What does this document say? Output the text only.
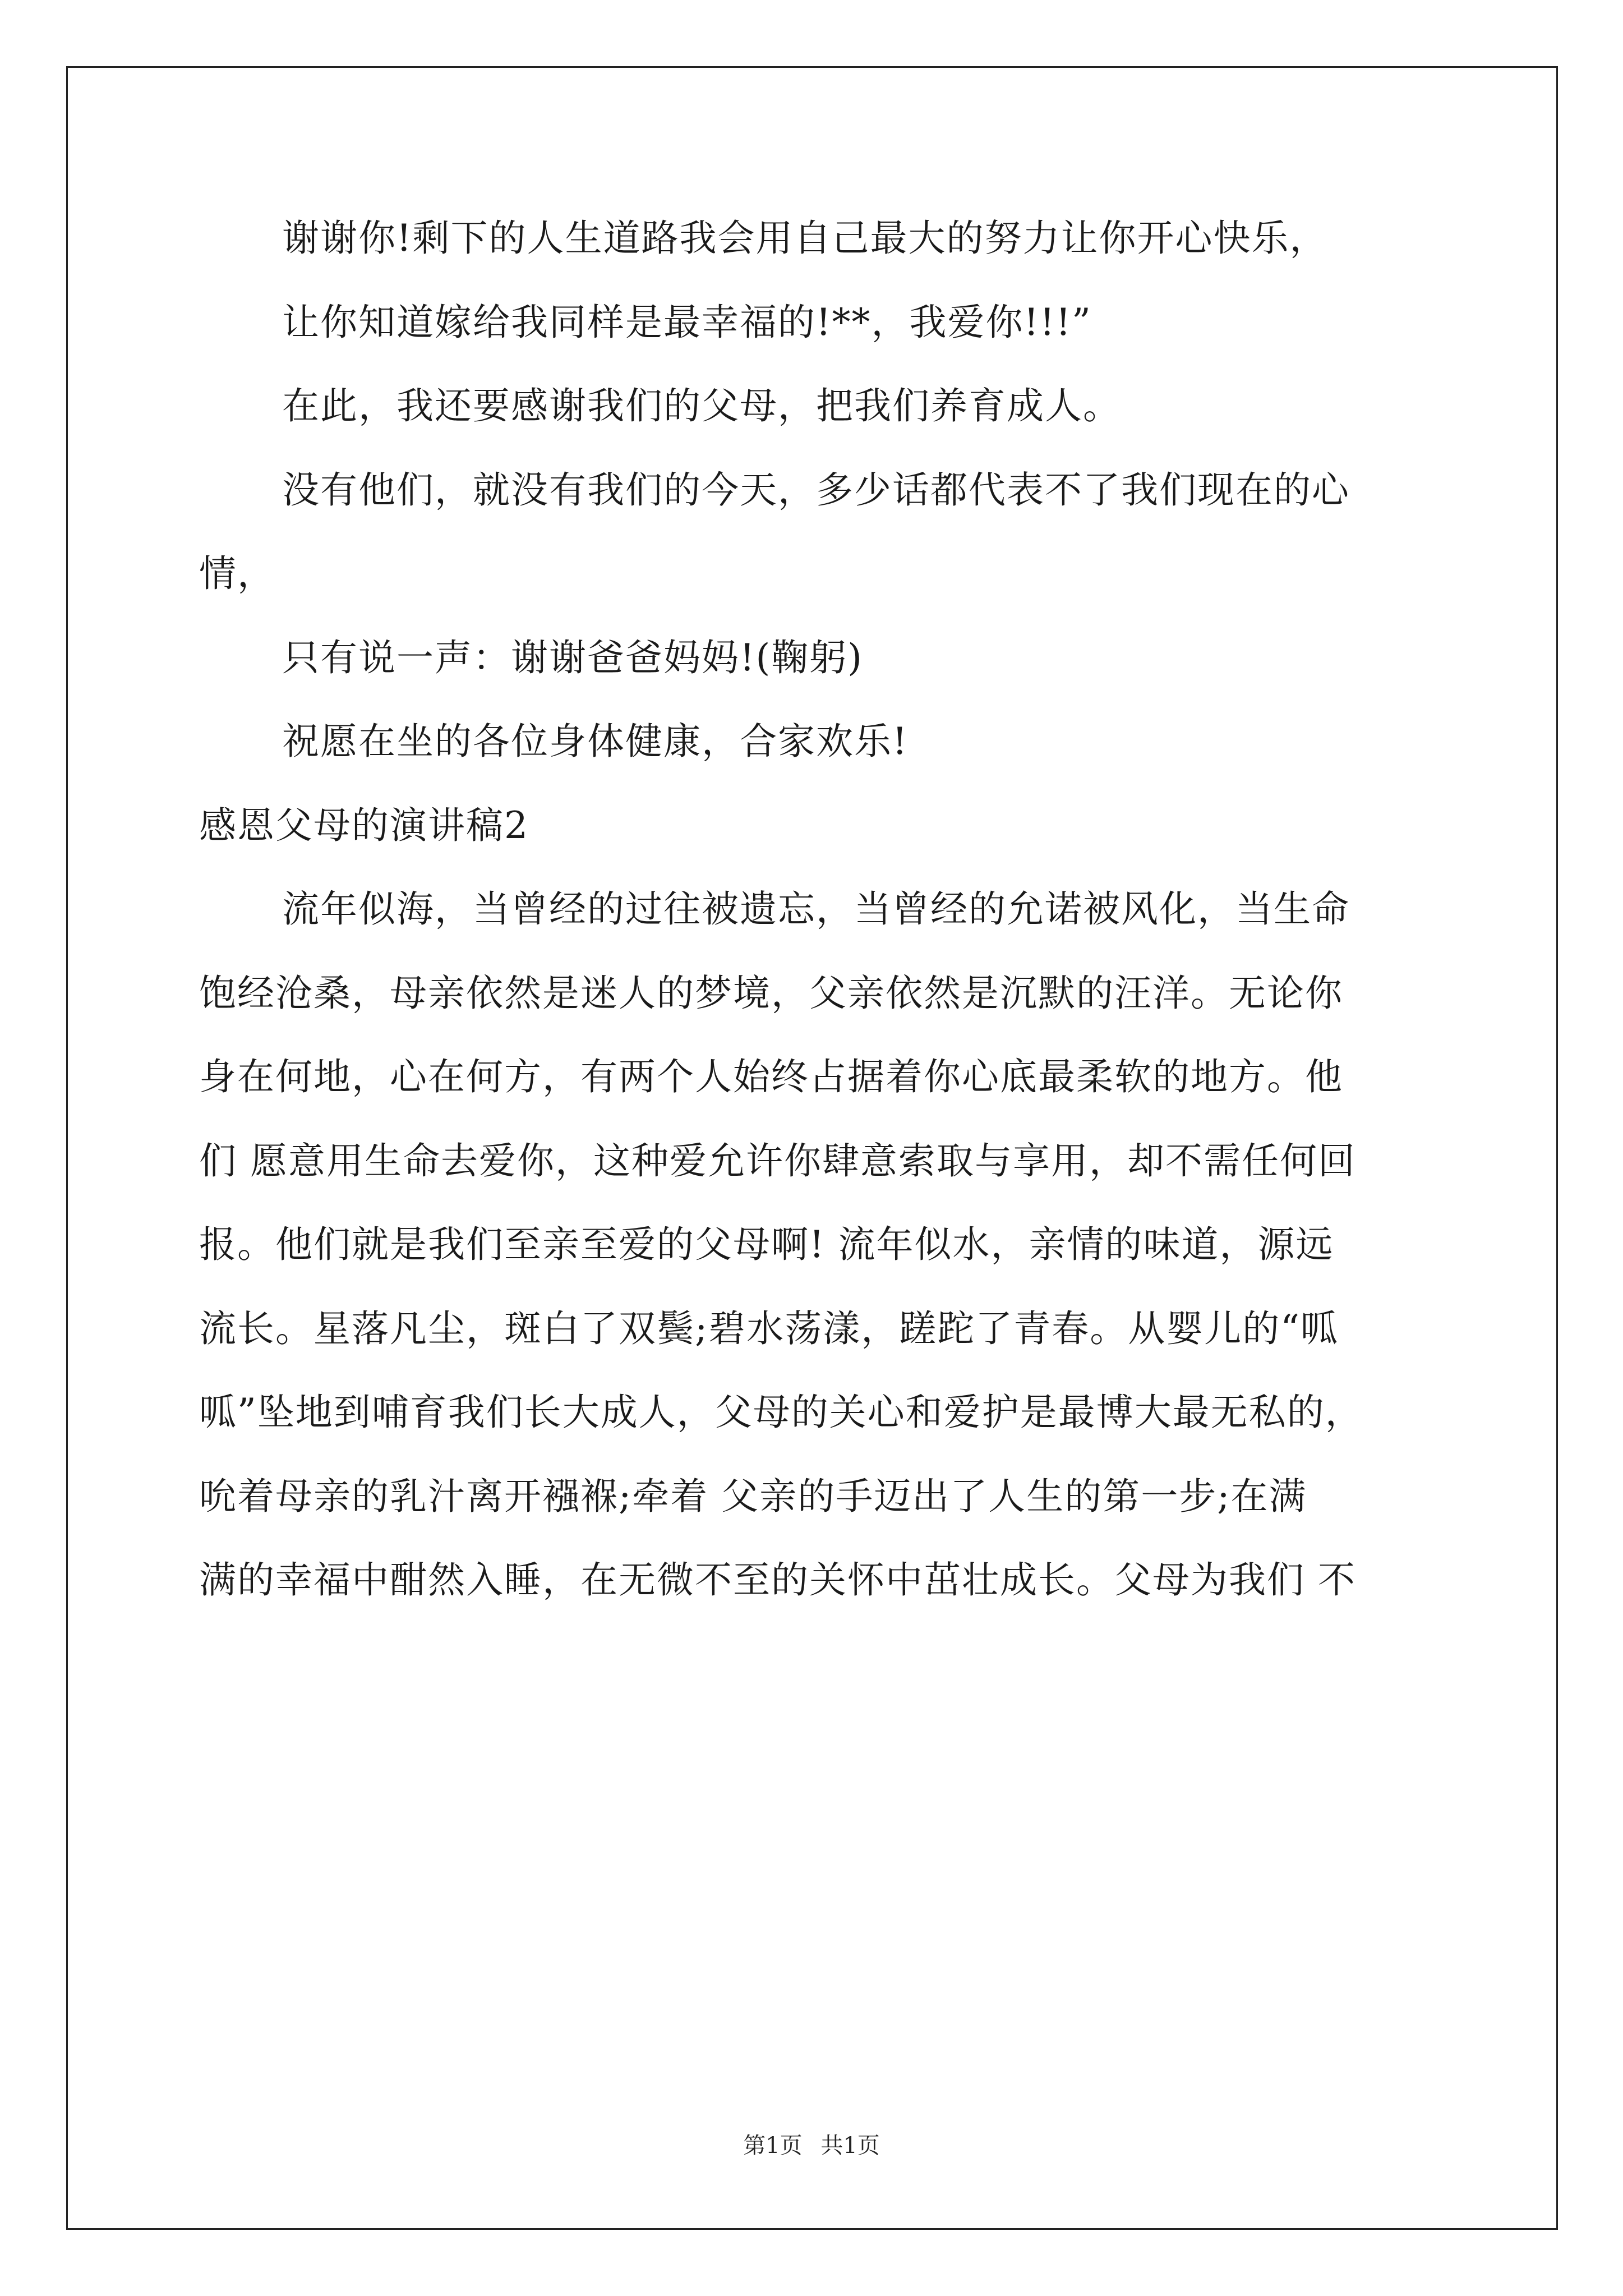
谢谢你!剩下的人生道路我会用自己最大的努力让你开心快乐，
让你知道嫁给我同样是最幸福的!**，我爱你!!!”
在此，我还要感谢我们的父母，把我们养育成人。
没有他们，就没有我们的今天，多少话都代表不了我们现在的心
情，
只有说一声：谢谢爸爸妈妈!(鞠躬)
祝愿在坐的各位身体健康，合家欢乐!
感恩父母的演讲稿2
流年似海，当曾经的过往被遗忘，当曾经的允诺被风化，当生命
饱经沧桑，母亲依然是迷人的梦境，父亲依然是沉默的汪洋。无论你
身在何地，心在何方，有两个人始终占据着你心底最柔软的地方。他
们 愿意用生命去爱你，这种爱允许你肆意索取与享用，却不需任何回
报。他们就是我们至亲至爱的父母啊! 流年似水，亲情的味道，源远
流长。星落凡尘，斑白了双鬓;碧水荡漾，蹉跎了青春。从婴儿的“呱
呱”坠地到哺育我们长大成人，父母的关心和爱护是最博大最无私的，
吮着母亲的乳汁离开襁褓;牵着 父亲的手迈出了人生的第一步;在满
满的幸福中酣然入睡，在无微不至的关怀中茁壮成长。父母为我们 不
第1页 共1页
